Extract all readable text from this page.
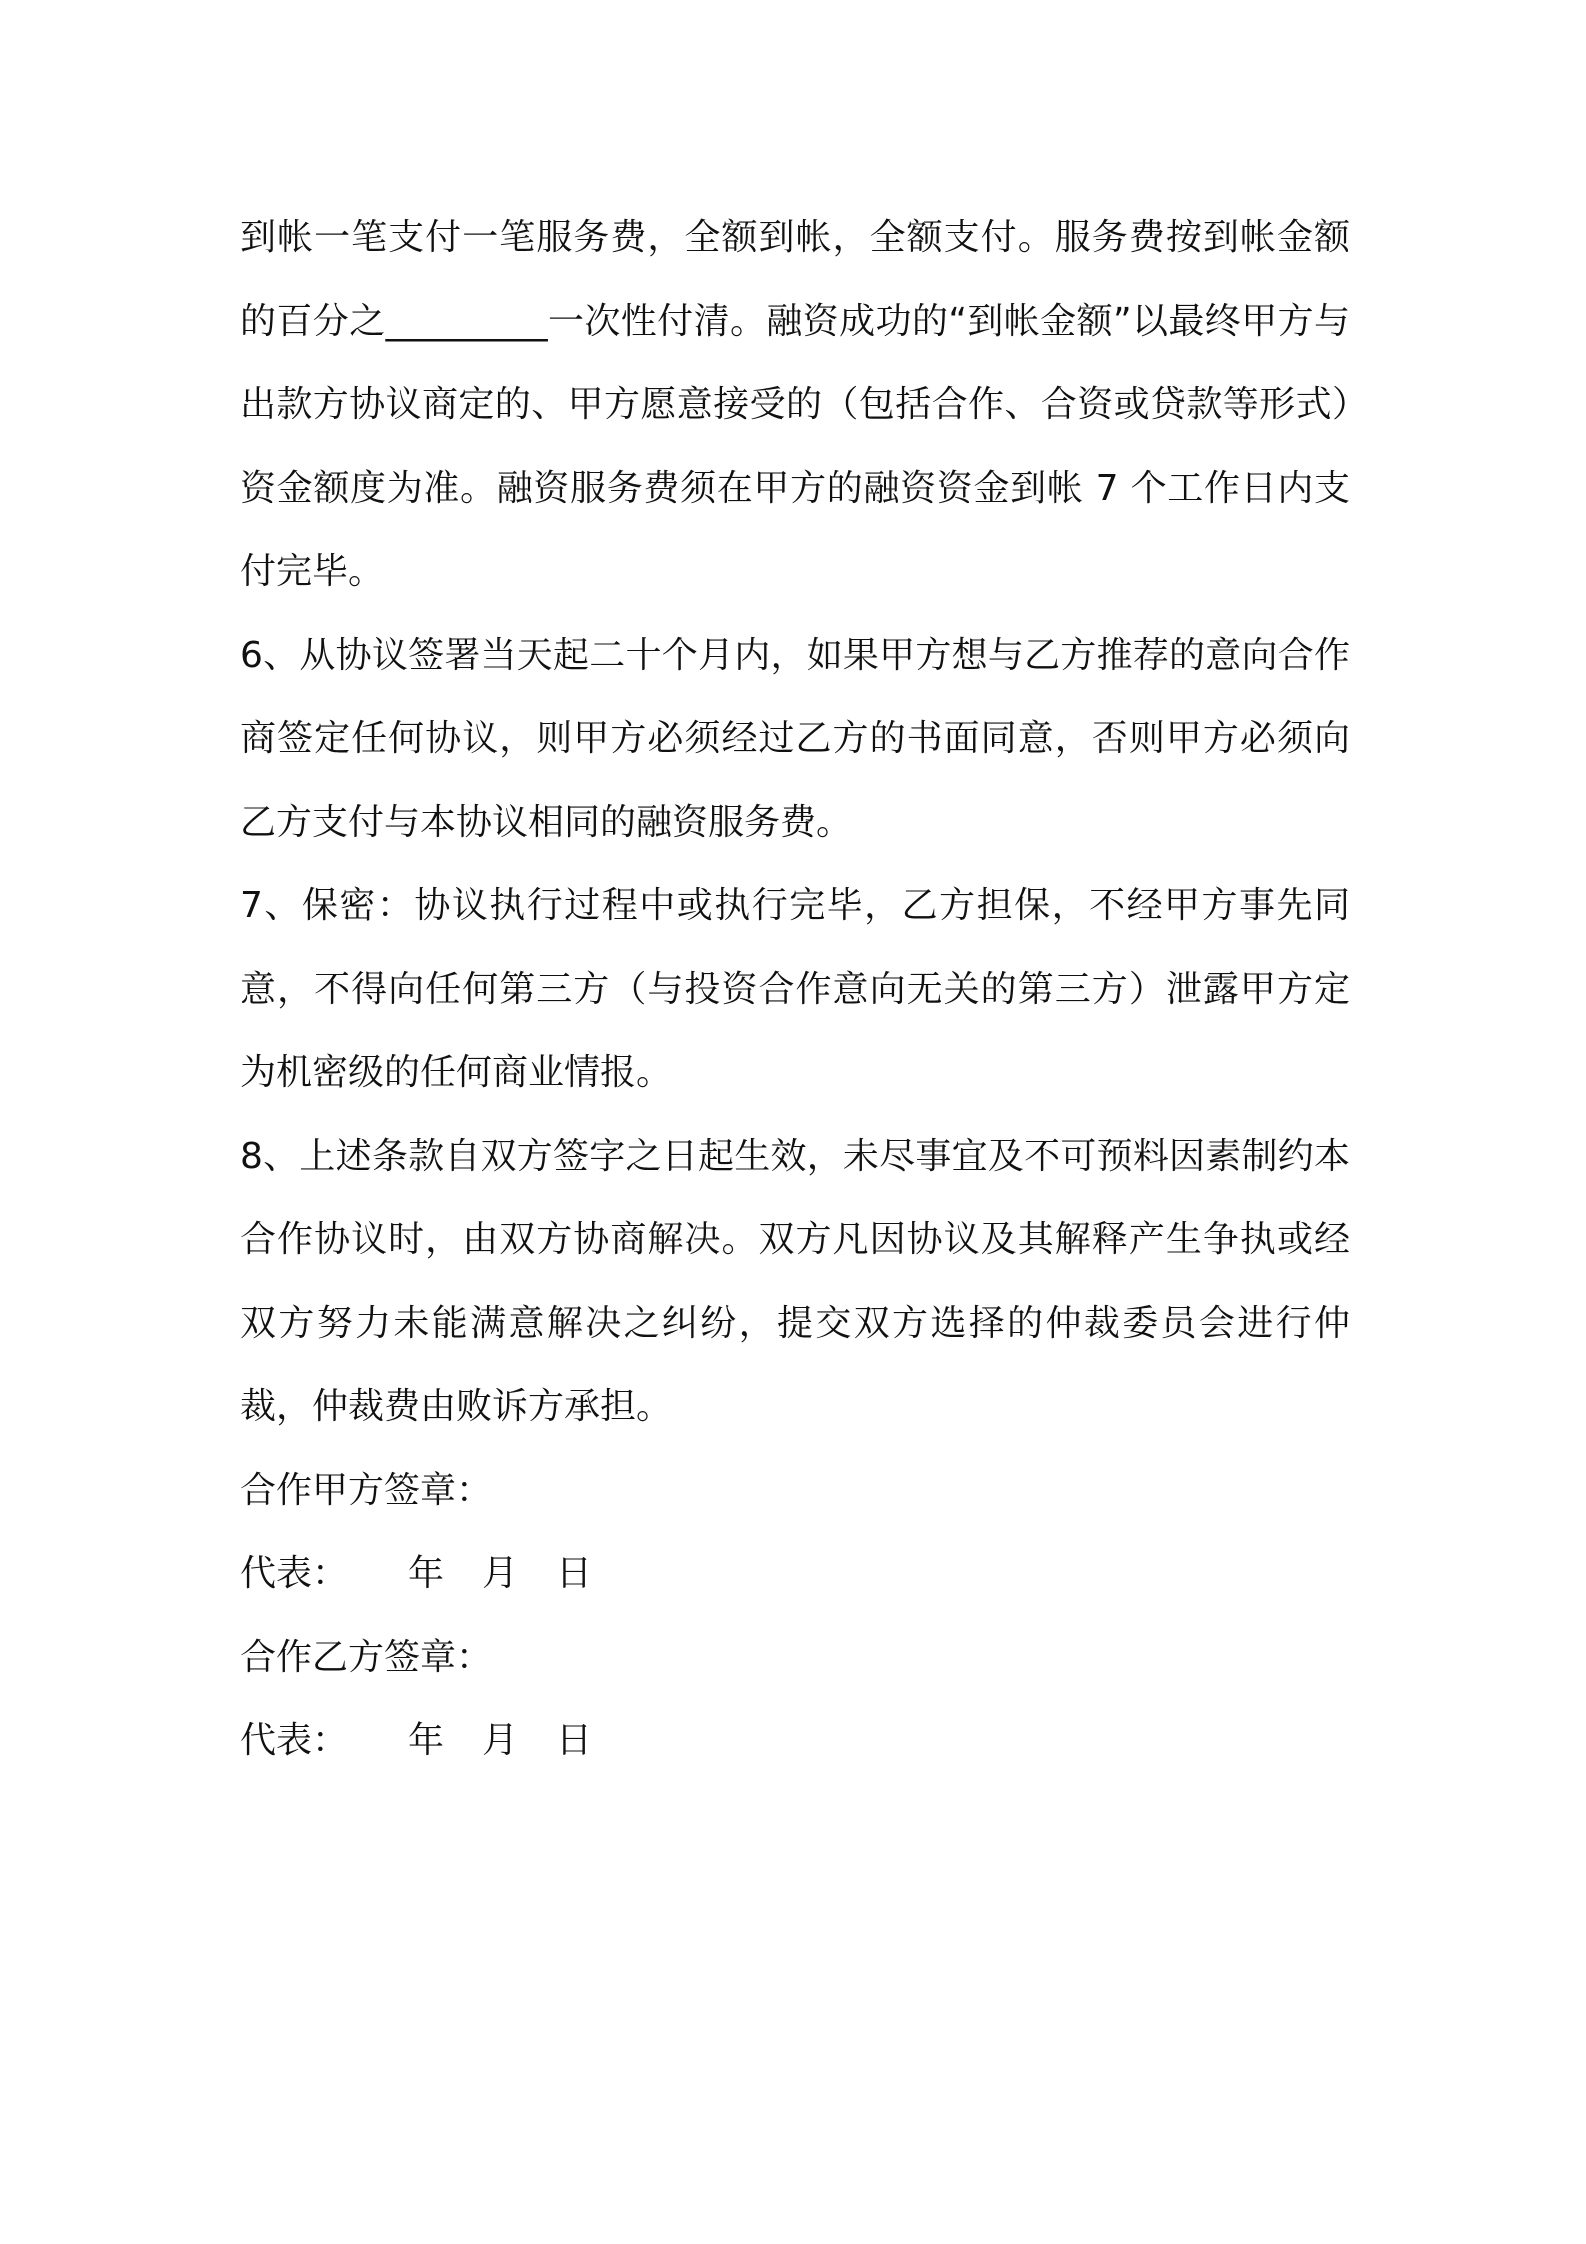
到帐一笔支付一笔服务费，全额到帐，全额支付。服务费按到帐金额的百分之_________一次性付清。融资成功的“到帐金额”以最终甲方与出款方协议商定的、甲方愿意接受的（包括合作、合资或贷款等形式）资金额度为准。融资服务费须在甲方的融资资金到帐 7 个工作日内支付完毕。

6、从协议签署当天起二十个月内，如果甲方想与乙方推荐的意向合作商签定任何协议，则甲方必须经过乙方的书面同意，否则甲方必须向乙方支付与本协议相同的融资服务费。

7、保密：协议执行过程中或执行完毕，乙方担保，不经甲方事先同意，不得向任何第三方（与投资合作意向无关的第三方）泄露甲方定为机密级的任何商业情报。

8、上述条款自双方签字之日起生效，未尽事宜及不可预料因素制约本合作协议时，由双方协商解决。双方凡因协议及其解释产生争执或经双方努力未能满意解决之纠纷，提交双方选择的仲裁委员会进行仲裁，仲裁费由败诉方承担。

合作甲方签章：

代表： 年 月 日

合作乙方签章：

代表： 年 月 日
